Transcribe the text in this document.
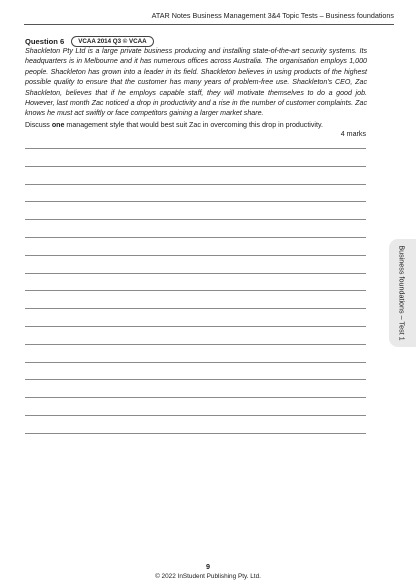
ATAR Notes Business Management 3&4 Topic Tests – Business foundations
Question 6	VCAA 2014 Q3 © VCAA
Shackleton Pty Ltd is a large private business producing and installing state-of-the-art security systems. Its headquarters is in Melbourne and it has numerous offices across Australia. The organisation employs 1,000 people. Shackleton has grown into a leader in its field. Shackleton believes in using products of the highest possible quality to ensure that the customer has many years of problem-free use. Shackleton's CEO, Zac Shackleton, believes that if he employs capable staff, they will motivate themselves to do a good job. However, last month Zac noticed a drop in productivity and a rise in the number of customer complaints. Zac knows he must act swiftly or face competitors gaining a larger market share.
Discuss one management style that would best suit Zac in overcoming this drop in productivity.
4 marks
Business foundations – Test 1
9
© 2022 InStudent Publishing Pty. Ltd.
